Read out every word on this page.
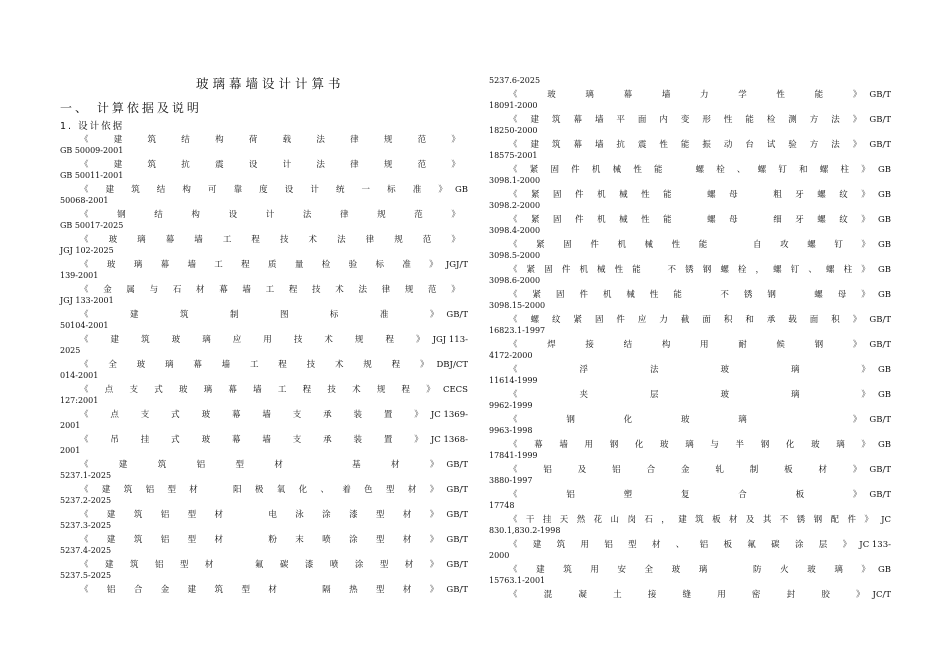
玻璃幕墙设计计算书
一、 计算依据及说明
1. 设计依据
《	建	筑	结	构	荷	载	法	律	规	范	》
GB 50009-2001
《	建	筑	抗	震	设	计	法	律	规	范	》
GB 50011-2001
《 建 筑 结 构 可 靠 度 设 计 统 一 标 准 》 GB
50068-2001
《	钢	结	构	设	计	法	律	规	范	》
GB 50017-2025
《 玻 璃 幕 墙 工 程 技 术 法 律 规 范 》
JGJ 102-2025
《 玻 璃 幕 墙 工 程 质 量 检 验 标 准 》 JGJ/T
139-2001
《 金 属 与 石 材 幕 墙 工 程 技 术 法 律 规 范 》
JGJ 133-2001
《	建	筑	制	图	标	准	》 GB/T
50104-2001
《	建	筑	玻	璃	应	用	技	术	规	程	》 JGJ 113-
2025
《 全 玻 璃 幕 墙 工 程 技 术 规 程 》 DBJ/CT
014-2001
《 点 支 式 玻 璃 幕 墙 工 程 技 术 规 程 》 CECS
127:2001
《	点	支	式	玻	幕	墙	支	承	装	置	》 JC 1369-
2001
《	吊	挂	式	玻	幕	墙	支	承	装	置	》 JC 1368-
2001
《	建	筑	铝	型	材
　	基	材	》 GB/T
5237.1-2025
《 建 筑 铝 型 材
　	阳 极 氧 化 、 着 色 型 材 》 GB/T
5237.2-2025
《 建 筑 铝 型 材
　	电 泳 涂 漆 型 材 》 GB/T
5237.3-2025
《 建 筑 铝 型 材
　	粉 末 喷 涂 型 材 》 GB/T
5237.4-2025
《 建 筑 铝 型 材
　	氟 碳 漆 喷 涂 型 材 》 GB/T
5237.5-2025
《 铝 合 金 建 筑 型 材
　	隔 热 型 材 》 GB/T
5237.6-2025
《	玻	璃	幕	墙	力	学	性	能	》 GB/T
18091-2000
《 建 筑 幕 墙 平 面 内 变 形 性 能 检 测 方 法 》 GB/T
18250-2000
《 建 筑 幕 墙 抗 震 性 能 振 动 台 试 验 方 法 》 GB/T
18575-2001
《 紧 固 件 机 械 性 能
　	螺 栓 、 螺 钉 和 螺 柱 》 GB
3098.1-2000
《 紧 固 件 机 械 性 能
　	螺 母
　	粗 牙 螺 纹 》 GB
3098.2-2000
《 紧 固 件 机 械 性 能
　	螺 母
　	细 牙 螺 纹 》 GB
3098.4-2000
《 紧 固 件 机 械 性 能
　	自 攻 螺 钉 》 GB
3098.5-2000
《 紧 固 件 机 械 性 能
　	不 锈 钢 螺 栓 ， 螺 钉 、 螺 柱 》 GB
3098.6-2000
《 紧 固 件 机 械 性 能
　	不 锈 钢
　	螺 母 》 GB
3098.15-2000
《 螺 纹 紧 固 件 应 力 截 面 积 和 承 载 面 积 》 GB/T
16823.1-1997
《	焊	接	结	构	用	耐	候	钢	》 GB/T
4172-2000
《	浮	法	玻	璃	》 GB
11614-1999
《	夹	层	玻	璃	》 GB
9962-1999
《	钢	化	玻	璃
　	》 GB/T
9963-1998
《 幕 墙 用 钢 化 玻 璃 与 半 钢 化 玻 璃 》 GB
17841-1999
《	铝	及	铝	合	金	轧	制	板	材	》 GB/T
3880-1997
《	铝	塑	复	合	板	》 GB/T
17748
《 干 挂 天 然 花 山 岗 石 ， 建 筑 板 材 及 其 不 锈 钢 配 件 》 JC
830.1,830.2-1998
《 建 筑 用 铝 型 材 、 铝 板 氟 碳 涂 层 》 JC 133-
2000
《 建 筑 用 安 全 玻 璃
　	防 火 玻 璃 》 GB
15763.1-2001
《	混	凝	土	接	缝	用	密	封	胶	》 JC/T
